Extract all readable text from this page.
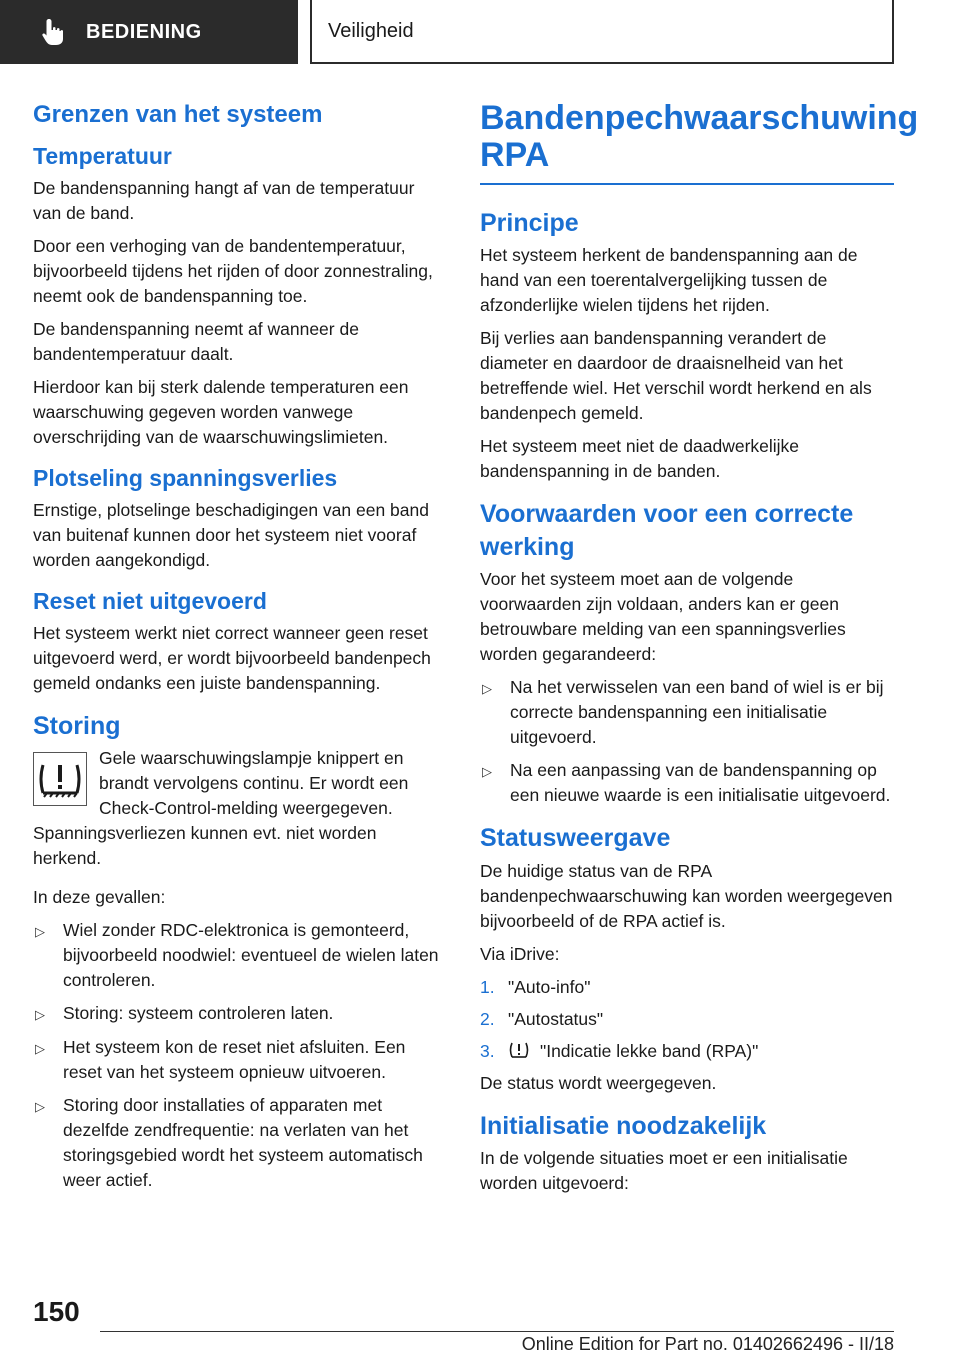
BEDIENING	Veiligheid
Grenzen van het systeem
Temperatuur

De bandenspanning hangt af van de temperatuur van de band.

Door een verhoging van de bandentemperatuur, bijvoorbeeld tijdens het rijden of door zonnestraling, neemt ook de bandenspanning toe.

De bandenspanning neemt af wanneer de bandentemperatuur daalt.

Hierdoor kan bij sterk dalende temperaturen een waarschuwing gegeven worden vanwege overschrijding van de waarschuwingslimieten.

Plotseling spanningsverlies

Ernstige, plotselinge beschadigingen van een band van buitenaf kunnen door het systeem niet vooraf worden aangekondigd.

Reset niet uitgevoerd

Het systeem werkt niet correct wanneer geen reset uitgevoerd werd, er wordt bijvoorbeeld bandenpech gemeld ondanks een juiste bandenspanning.

Storing

Gele waarschuwingslampje knippert en brandt vervolgens continu. Er wordt een Check-Control-melding weergegeven.

Spanningsverliezen kunnen evt. niet worden herkend.

In deze gevallen:

▷	Wiel zonder RDC-elektronica is gemonteerd, bijvoorbeeld noodwiel: eventueel de wielen laten controleren.
▷	Storing: systeem controleren laten.
▷	Het systeem kon de reset niet afsluiten. Een reset van het systeem opnieuw uitvoeren.
▷	Storing door installaties of apparaten met dezelfde zendfrequentie: na verlaten van het storingsgebied wordt het systeem automatisch weer actief.
Bandenpechwaarschuwing RPA
Principe

Het systeem herkent de bandenspanning aan de hand van een toerentalvergelijking tussen de afzonderlijke wielen tijdens het rijden.

Bij verlies aan bandenspanning verandert de diameter en daardoor de draaisnelheid van het betreffende wiel. Het verschil wordt herkend en als bandenpech gemeld.

Het systeem meet niet de daadwerkelijke bandenspanning in de banden.

Voorwaarden voor een correcte werking

Voor het systeem moet aan de volgende voorwaarden zijn voldaan, anders kan er geen betrouwbare melding van een spanningsverlies worden gegarandeerd:

▷	Na het verwisselen van een band of wiel is er bij correcte bandenspanning een initialisatie uitgevoerd.
▷	Na een aanpassing van de bandenspanning op een nieuwe waarde is een initialisatie uitgevoerd.
Statusweergave

De huidige status van de RPA bandenpechwaarschuwing kan worden weergegeven bijvoorbeeld of de RPA actief is.

Via iDrive:

1. "Auto-info"
2. "Autostatus"
3.	"Indicatie lekke band (RPA)"

De status wordt weergegeven.

Initialisatie noodzakelijk

In de volgende situaties moet er een initialisatie worden uitgevoerd:

150
Online Edition for Part no. 01402662496 - II/18
